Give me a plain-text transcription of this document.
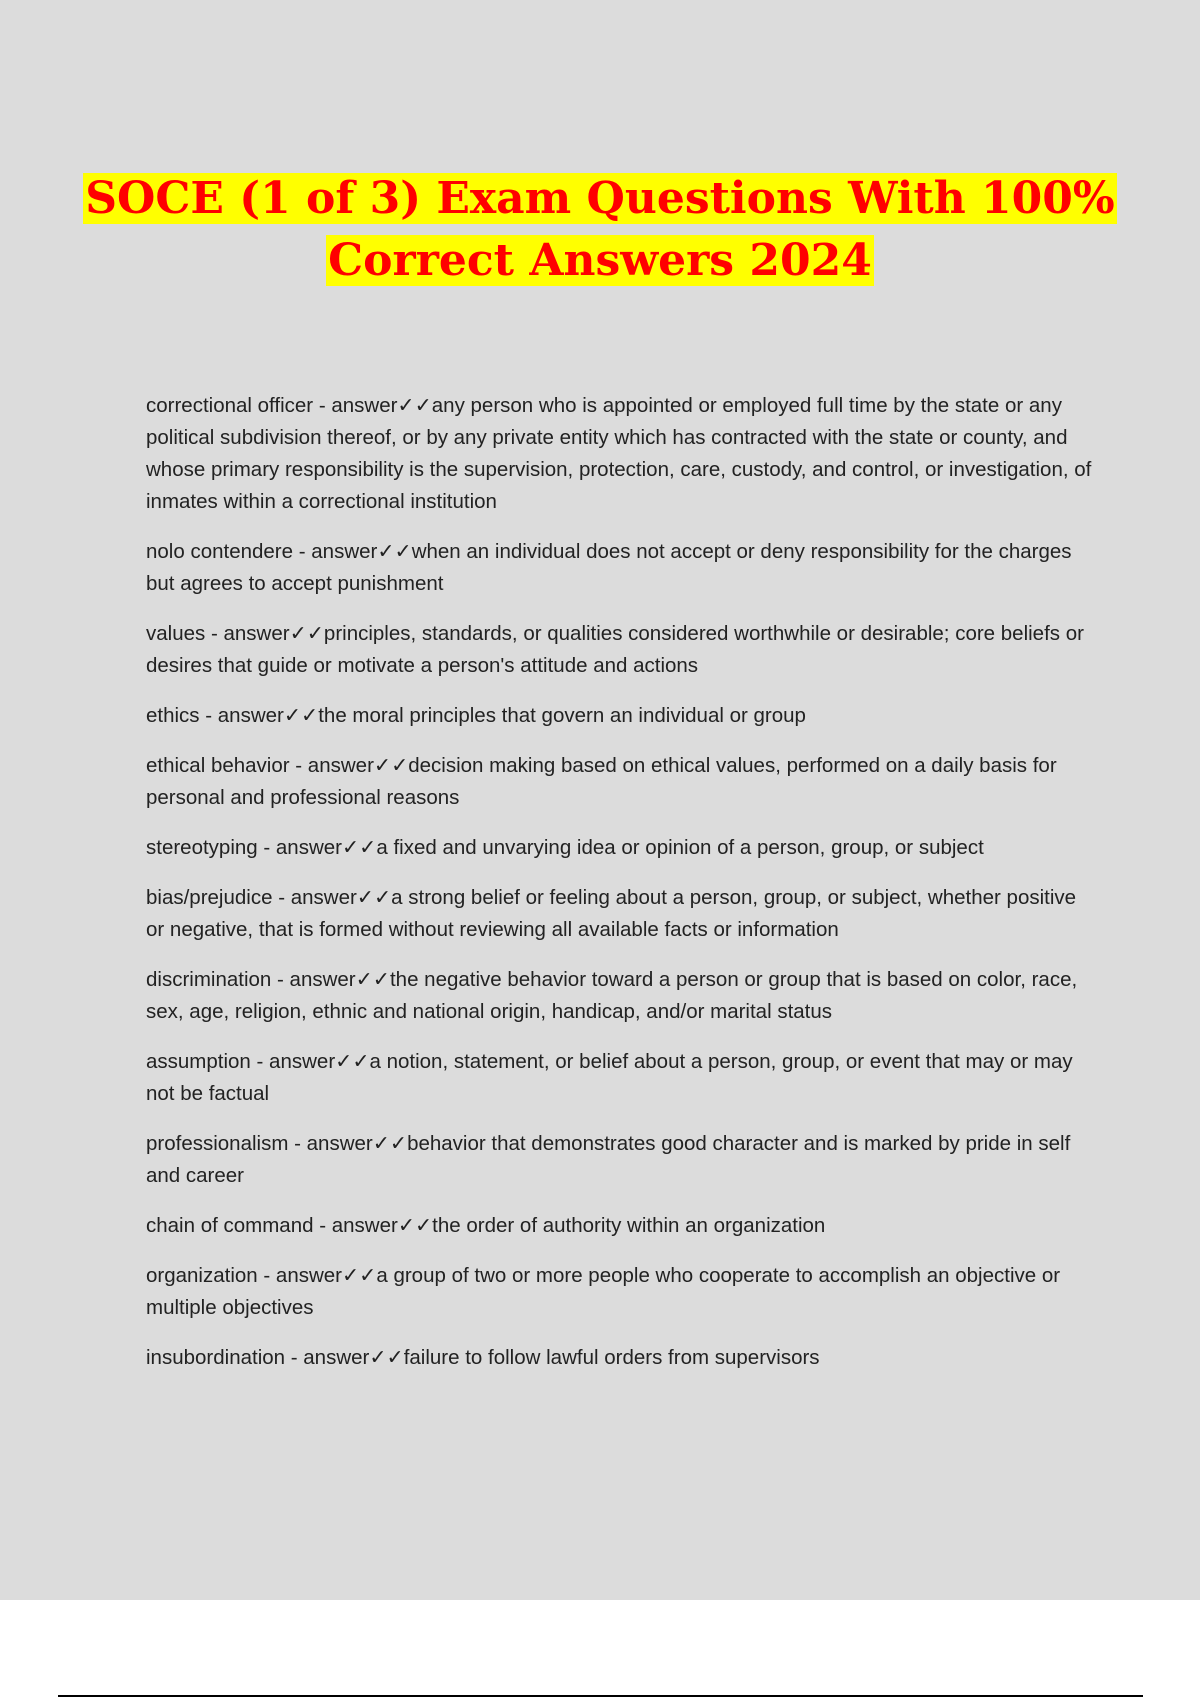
SOCE (1 of 3) Exam Questions With 100%
Correct Answers 2024
correctional officer - answer✓✓any person who is appointed or employed full time by the state or any political subdivision thereof, or by any private entity which has contracted with the state or county, and whose primary responsibility is the supervision, protection, care, custody, and control, or investigation, of inmates within a correctional institution
nolo contendere - answer✓✓when an individual does not accept or deny responsibility for the charges but agrees to accept punishment
values - answer✓✓principles, standards, or qualities considered worthwhile or desirable; core beliefs or desires that guide or motivate a person's attitude and actions
ethics - answer✓✓the moral principles that govern an individual or group
ethical behavior - answer✓✓decision making based on ethical values, performed on a daily basis for personal and professional reasons
stereotyping - answer✓✓a fixed and unvarying idea or opinion of a person, group, or subject
bias/prejudice - answer✓✓a strong belief or feeling about a person, group, or subject, whether positive or negative, that is formed without reviewing all available facts or information
discrimination - answer✓✓the negative behavior toward a person or group that is based on color, race, sex, age, religion, ethnic and national origin, handicap, and/or marital status
assumption - answer✓✓a notion, statement, or belief about a person, group, or event that may or may not be factual
professionalism - answer✓✓behavior that demonstrates good character and is marked by pride in self and career
chain of command - answer✓✓the order of authority within an organization
organization - answer✓✓a group of two or more people who cooperate to accomplish an objective or multiple objectives
insubordination - answer✓✓failure to follow lawful orders from supervisors
